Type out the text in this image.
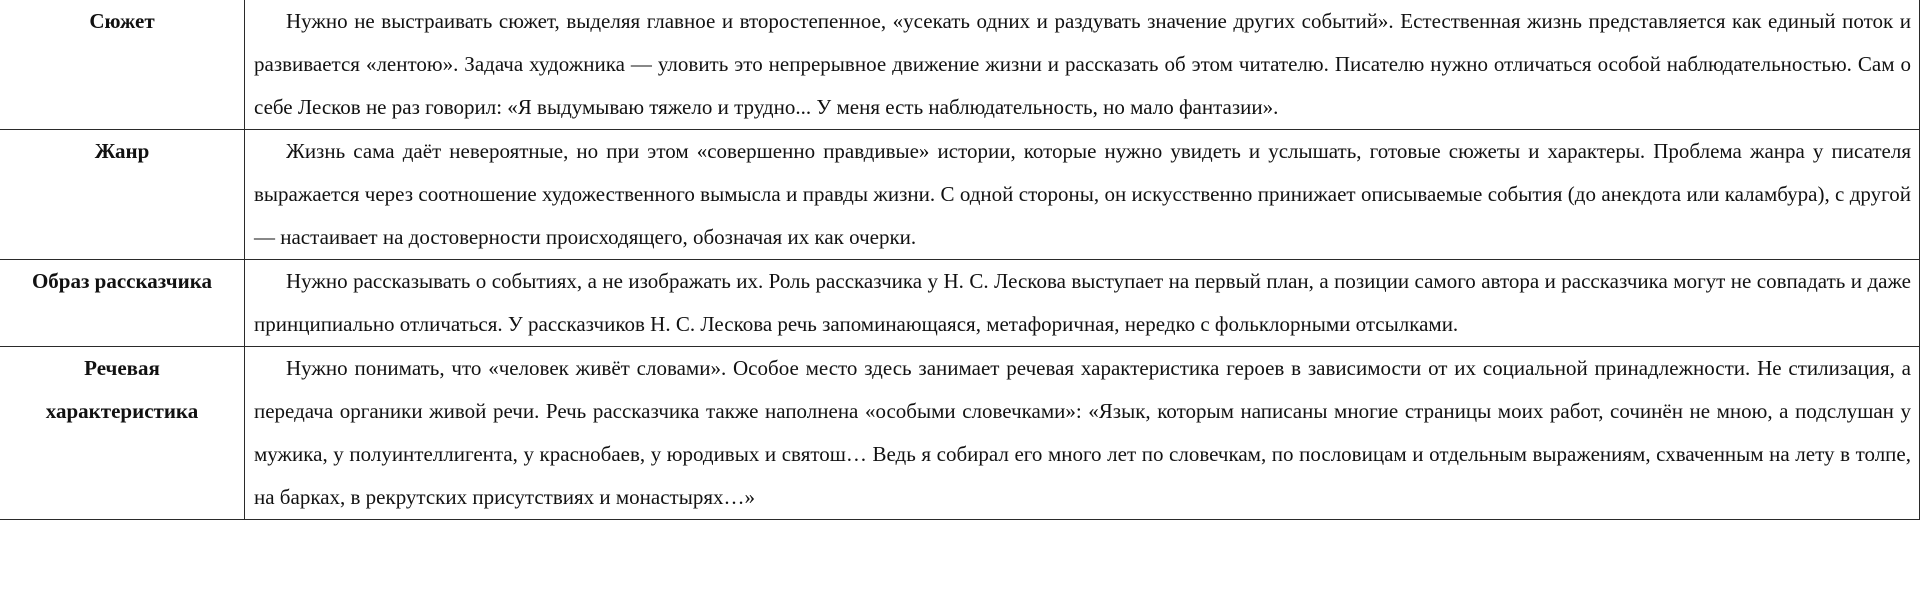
Сюжет	Нужно не выстраивать сюжет, выделяя главное и второстепенное, «усекать одних и раздувать значение других событий». Естественная жизнь представляется как единый поток и развивается «лентою». Задача художника — уловить это непрерывное движение жизни и рассказать об этом читателю. Писателю нужно отличаться особой наблюдательностью. Сам о себе Лесков не раз говорил: «Я выдумываю тяжело и трудно... У меня есть наблюдательность, но мало фантазии».

Жанр	Жизнь сама даёт невероятные, но при этом «совершенно правдивые» истории, которые нужно увидеть и услышать, готовые сюжеты и характеры. Проблема жанра у писателя выражается через соотношение художественного вымысла и правды жизни. С одной стороны, он искусственно принижает описываемые события (до анекдота или каламбура), с другой — настаивает на достоверности происходящего, обозначая их как очерки.

Образ рассказчика	Нужно рассказывать о событиях, а не изображать их. Роль рассказчика у Н. С. Лескова выступает на первый план, а позиции самого автора и рассказчика могут не совпадать и даже принципиально отличаться. У рассказчиков Н. С. Лескова речь запоминающаяся, метафоричная, нередко с фольклорными отсылками.

Речевая характеристика	Нужно понимать, что «человек живёт словами». Особое место здесь занимает речевая характеристика героев в зависимости от их социальной принадлежности. Не стилизация, а передача органики живой речи. Речь рассказчика также наполнена «особыми словечками»: «Язык, которым написаны многие страницы моих работ, сочинён не мною, а подслушан у мужика, у полуинтеллигента, у краснобаев, у юродивых и святош… Ведь я собирал его много лет по словечкам, по пословицам и отдельным выражениям, схваченным на лету в толпе, на барках, в рекрутских присутствиях и монастырях…»
